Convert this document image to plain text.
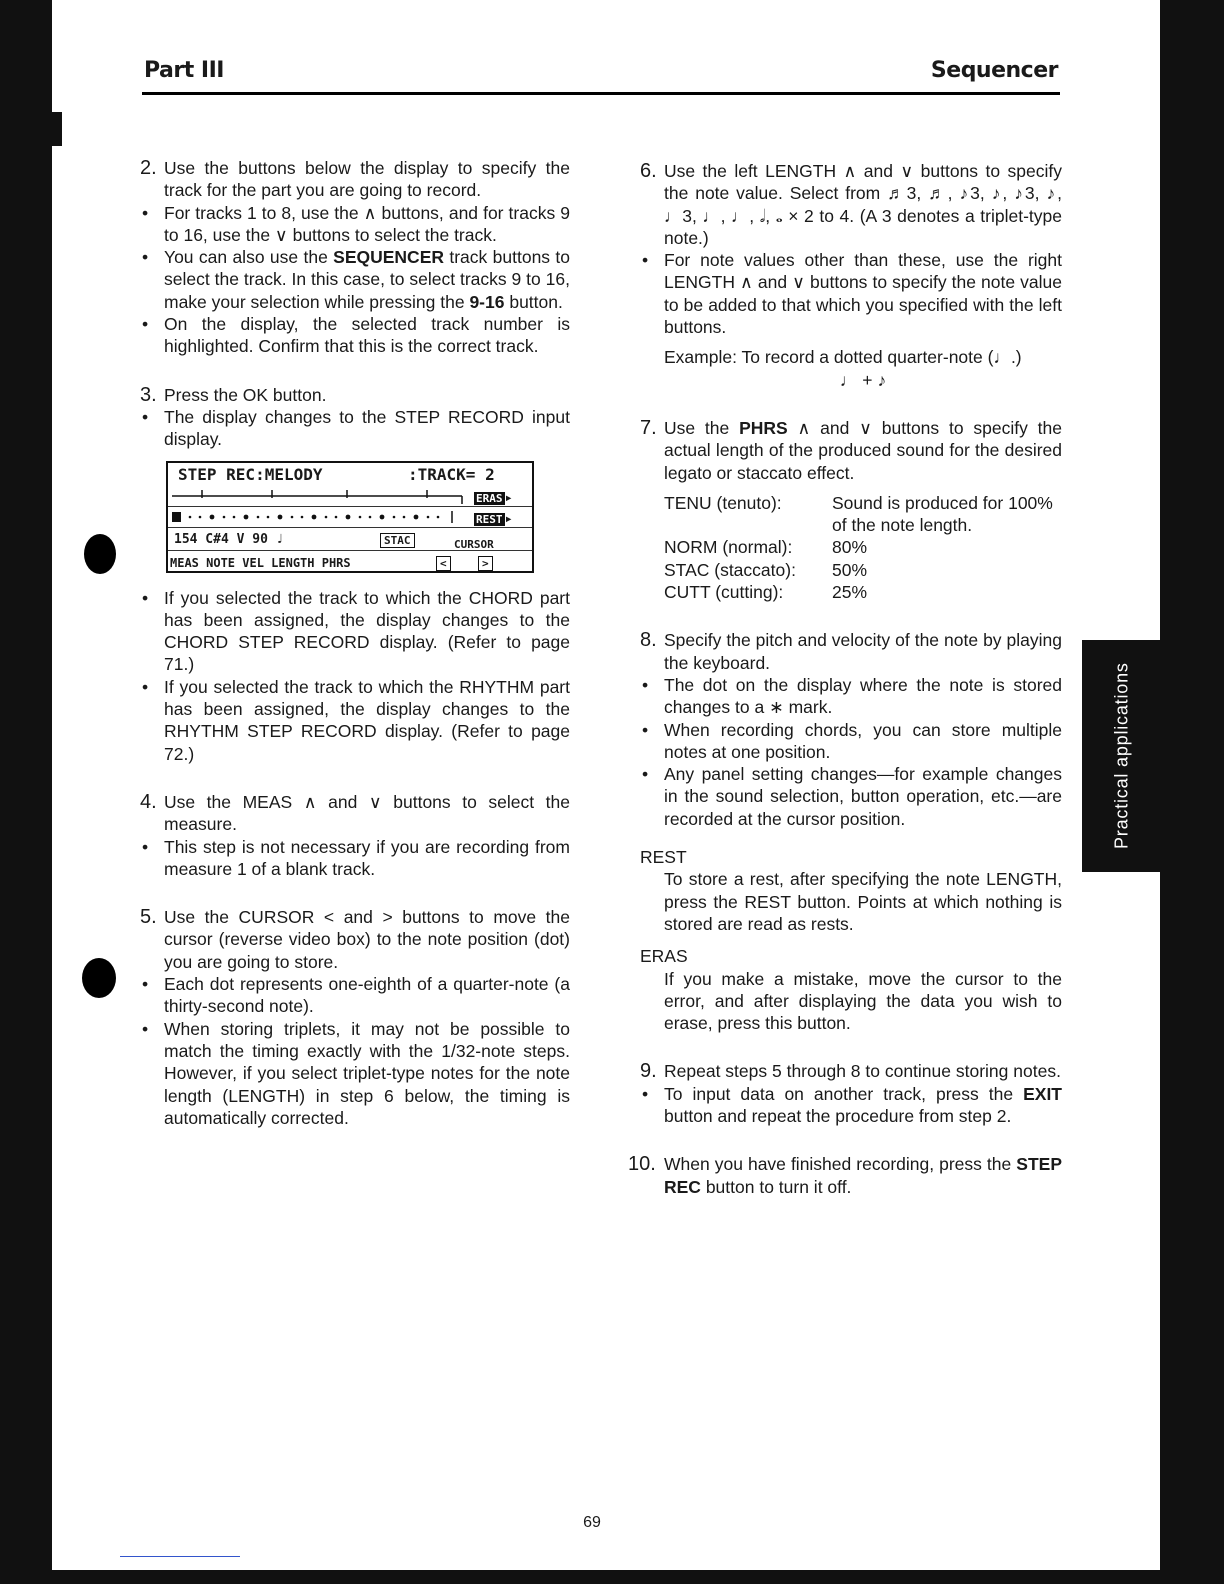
Part III	Sequencer
2. Use the buttons below the display to specify the track for the part you are going to record.
• For tracks 1 to 8, use the ∧ buttons, and for tracks 9 to 16, use the ∨ buttons to select the track.
• You can also use the SEQUENCER track buttons to select the track. In this case, to select tracks 9 to 16, make your selection while pressing the 9-16 button.
• On the display, the selected track number is highlighted. Confirm that this is the correct track.
3. Press the OK button.
• The display changes to the STEP RECORD input display.
STEP REC:MELODY	:TRACK= 2
ERAS ▸
REST ▸
154 C#4 V 90 ♩	STAC	CURSOR
MEAS NOTE VEL LENGTH PHRS	<	>
• If you selected the track to which the CHORD part has been assigned, the display changes to the CHORD STEP RECORD display. (Refer to page 71.)
• If you selected the track to which the RHYTHM part has been assigned, the display changes to the RHYTHM STEP RECORD display. (Refer to page 72.)
4. Use the MEAS ∧ and ∨ buttons to select the measure.
• This step is not necessary if you are recording from measure 1 of a blank track.
5. Use the CURSOR < and > buttons to move the cursor (reverse video box) to the note position (dot) you are going to store.
• Each dot represents one-eighth of a quarter-note (a thirty-second note).
• When storing triplets, it may not be possible to match the timing exactly with the 1/32-note steps. However, if you select triplet-type notes for the note length (LENGTH) in step 6 below, the timing is automatically corrected.
6. Use the left LENGTH ∧ and ∨ buttons to specify the note value. Select from ♬3, ♬, ♪3, ♪, ♪3, ♪, ♩3, ♩, ♩, 𝅗𝅥, 𝅝 × 2 to 4. (A 3 denotes a triplet-type note.)
• For note values other than these, use the right LENGTH ∧ and ∨ buttons to specify the note value to be added to that which you specified with the left buttons.
Example: To record a dotted quarter-note (♩.)
♩ + ♪
7. Use the PHRS ∧ and ∨ buttons to specify the actual length of the produced sound for the desired legato or staccato effect.
TENU (tenuto):	Sound is produced for 100% of the note length.
NORM (normal):	80%
STAC (staccato):	50%
CUTT (cutting):	25%
8. Specify the pitch and velocity of the note by playing the keyboard.
• The dot on the display where the note is stored changes to a ∗ mark.
• When recording chords, you can store multiple notes at one position.
• Any panel setting changes—for example changes in the sound selection, button operation, etc.—are recorded at the cursor position.
REST
To store a rest, after specifying the note LENGTH, press the REST button. Points at which nothing is stored are read as rests.
ERAS
If you make a mistake, move the cursor to the error, and after displaying the data you wish to erase, press this button.
9. Repeat steps 5 through 8 to continue storing notes.
• To input data on another track, press the EXIT button and repeat the procedure from step 2.
10. When you have finished recording, press the STEP REC button to turn it off.
Practical applications
69
